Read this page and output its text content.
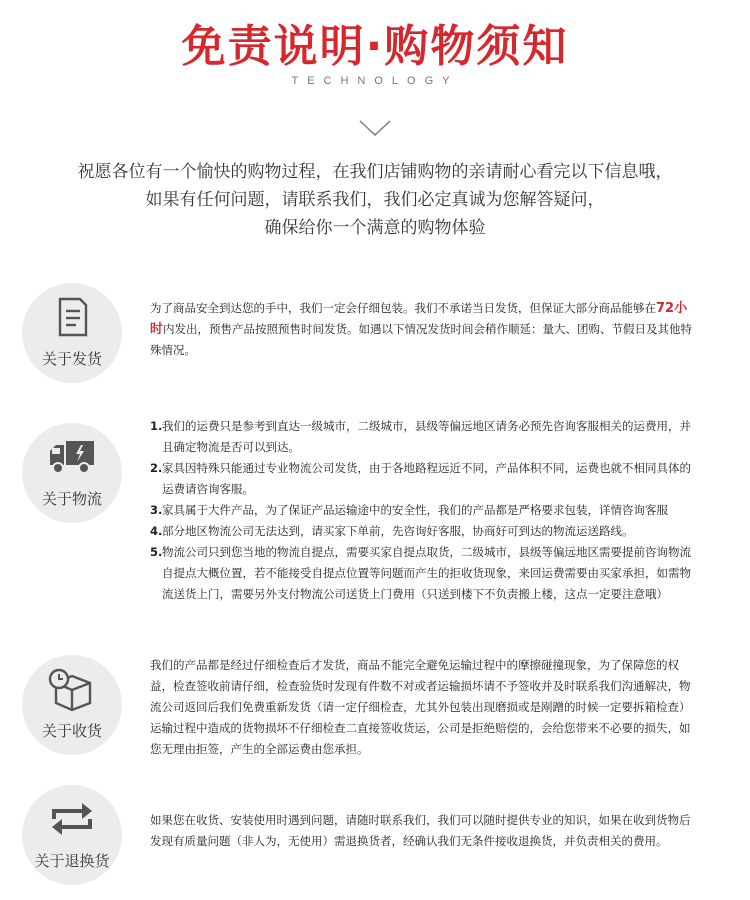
免责说明·购物须知
TECHNOLOGY
祝愿各位有一个愉快的购物过程，在我们店铺购物的亲请耐心看完以下信息哦，
如果有任何问题，请联系我们，我们必定真诚为您解答疑问，
确保给你一个满意的购物体验
关于发货

为了商品安全到达您的手中，我们一定会仔细包装。我们不承诺当日发货，但保证大部分商品能够在72小时内发出，预售产品按照预售时间发货。如遇以下情况发货时间会稍作顺延：量大、团购、节假日及其他特殊情况。

关于物流
1. 我们的运费只是参考到直达一级城市，二级城市，县级等偏远地区请务必预先咨询客服相关的运费用，并且确定物流是否可以到达。
2. 家具因特殊只能通过专业物流公司发货，由于各地路程远近不同，产品体积不同，运费也就不相同具体的运费请咨询客服。
3. 家具属于大件产品，为了保证产品运输途中的安全性，我们的产品都是严格要求包装，详情咨询客服
4. 部分地区物流公司无法达到，请买家下单前，先咨询好客服，协商好可到达的物流运送路线。
5. 物流公司只到您当地的物流自提点，需要买家自提点取货，二级城市，县级等偏远地区需要提前咨询物流自提点大概位置，若不能接受自提点位置等问题而产生的拒收货现象，来回运费需要由买家承担，如需物流送货上门，需要另外支付物流公司送货上门费用（只送到楼下不负责搬上楼，这点一定要注意哦）
关于收货

我们的产品都是经过仔细检查后才发货，商品不能完全避免运输过程中的摩擦碰撞现象，为了保障您的权益，检查签收前请仔细，检查验货时发现有件数不对或者运输损坏请不予签收并及时联系我们沟通解决，物流公司返回后我们免费重新发货（请一定仔细检查，尤其外包装出现磨损或是剐蹭的时候一定要拆箱检查）运输过程中造成的货物损坏不仔细检查二直接签收货运，公司是拒绝赔偿的，会给您带来不必要的损失，如您无理由拒签，产生的全部运费由您承担。

关于退换货

如果您在收货、安装使用时遇到问题，请随时联系我们，我们可以随时提供专业的知识，如果在收到货物后发现有质量问题（非人为，无使用）需退换货者，经确认我们无条件接收退换货，并负责相关的费用。
